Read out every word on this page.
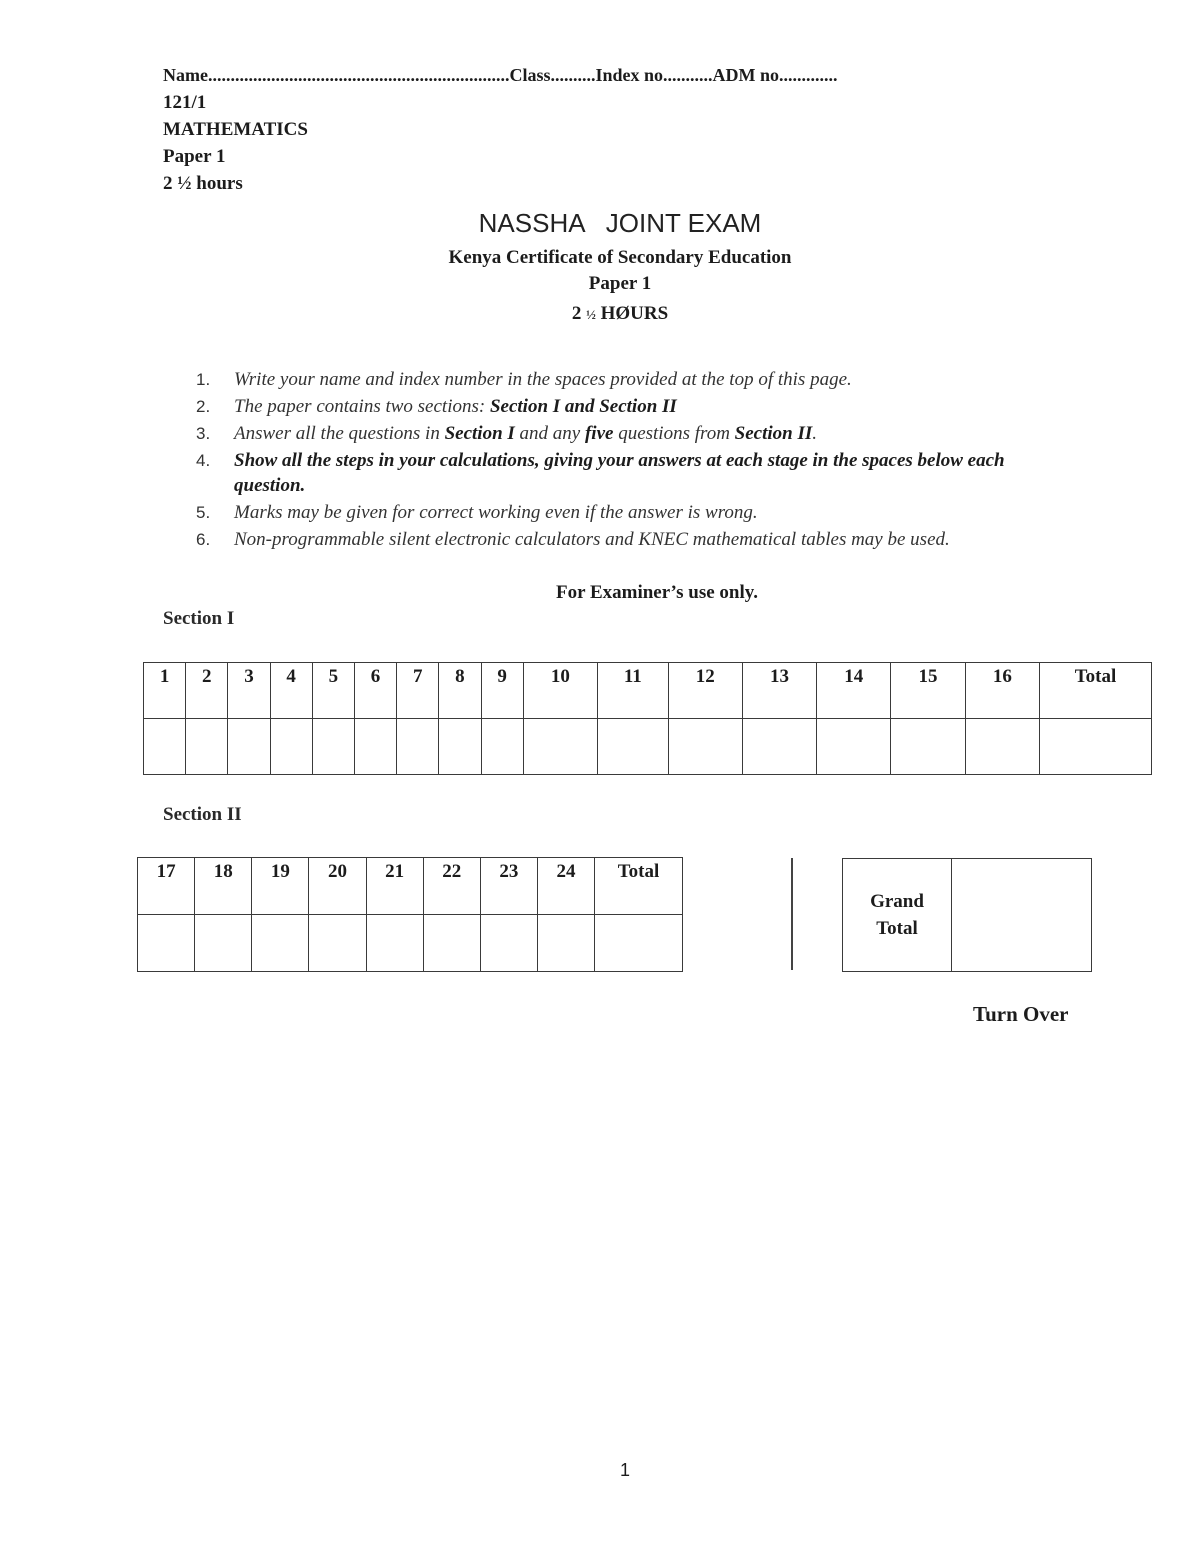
Name...................................................................Class..........Index no...........ADM no.............
121/1
MATHEMATICS
Paper 1
2 ½ hours
NASSHA   JOINT EXAM
Kenya Certificate of Secondary Education
Paper 1
2 ½ HØURS
1. Write your name and index number in the spaces provided at the top of this page.
2. The paper contains two sections: Section I and Section II
3. Answer all the questions in Section I and any five questions from Section II.
4. Show all the steps in your calculations, giving your answers at each stage in the spaces below each question.
5. Marks may be given for correct working even if the answer is wrong.
6. Non-programmable silent electronic calculators and KNEC mathematical tables may be used.
For Examiner’s use only.
Section I
1	2	3	4	5	6	7	8	9	10	11	12	13	14	15	16	Total

Section II
17	18	19	20	21	22	23	24	Total

Grand
Total

Turn Over
1
